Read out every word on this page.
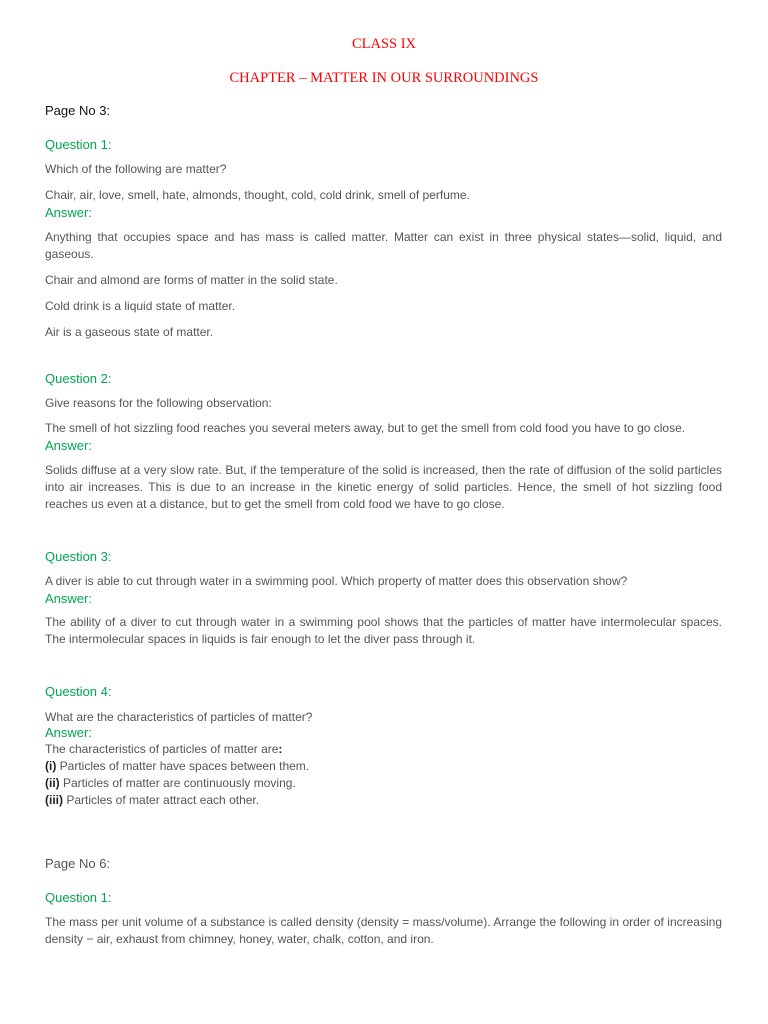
CLASS IX
CHAPTER – MATTER IN OUR SURROUNDINGS
Page No 3:
Question 1:
Which of the following are matter?
Chair, air, love, smell, hate, almonds, thought, cold, cold drink, smell of perfume.
Answer:
Anything that occupies space and has mass is called matter. Matter can exist in three physical states—solid, liquid, and gaseous.
Chair and almond are forms of matter in the solid state.
Cold drink is a liquid state of matter.
Air is a gaseous state of matter.
Question 2:
Give reasons for the following observation:
The smell of hot sizzling food reaches you several meters away, but to get the smell from cold food you have to go close.
Answer:
Solids diffuse at a very slow rate. But, if the temperature of the solid is increased, then the rate of diffusion of the solid particles into air increases. This is due to an increase in the kinetic energy of solid particles. Hence, the smell of hot sizzling food reaches us even at a distance, but to get the smell from cold food we have to go close.
Question 3:
A diver is able to cut through water in a swimming pool. Which property of matter does this observation show?
Answer:
The ability of a diver to cut through water in a swimming pool shows that the particles of matter have intermolecular spaces. The intermolecular spaces in liquids is fair enough to let the diver pass through it.
Question 4:
What are the characteristics of particles of matter?
Answer:
The characteristics of particles of matter are:
(i) Particles of matter have spaces between them.
(ii) Particles of matter are continuously moving.
(iii) Particles of mater attract each other.
Page No 6:
Question 1:
The mass per unit volume of a substance is called density (density = mass/volume). Arrange the following in order of increasing density − air, exhaust from chimney, honey, water, chalk, cotton, and iron.
